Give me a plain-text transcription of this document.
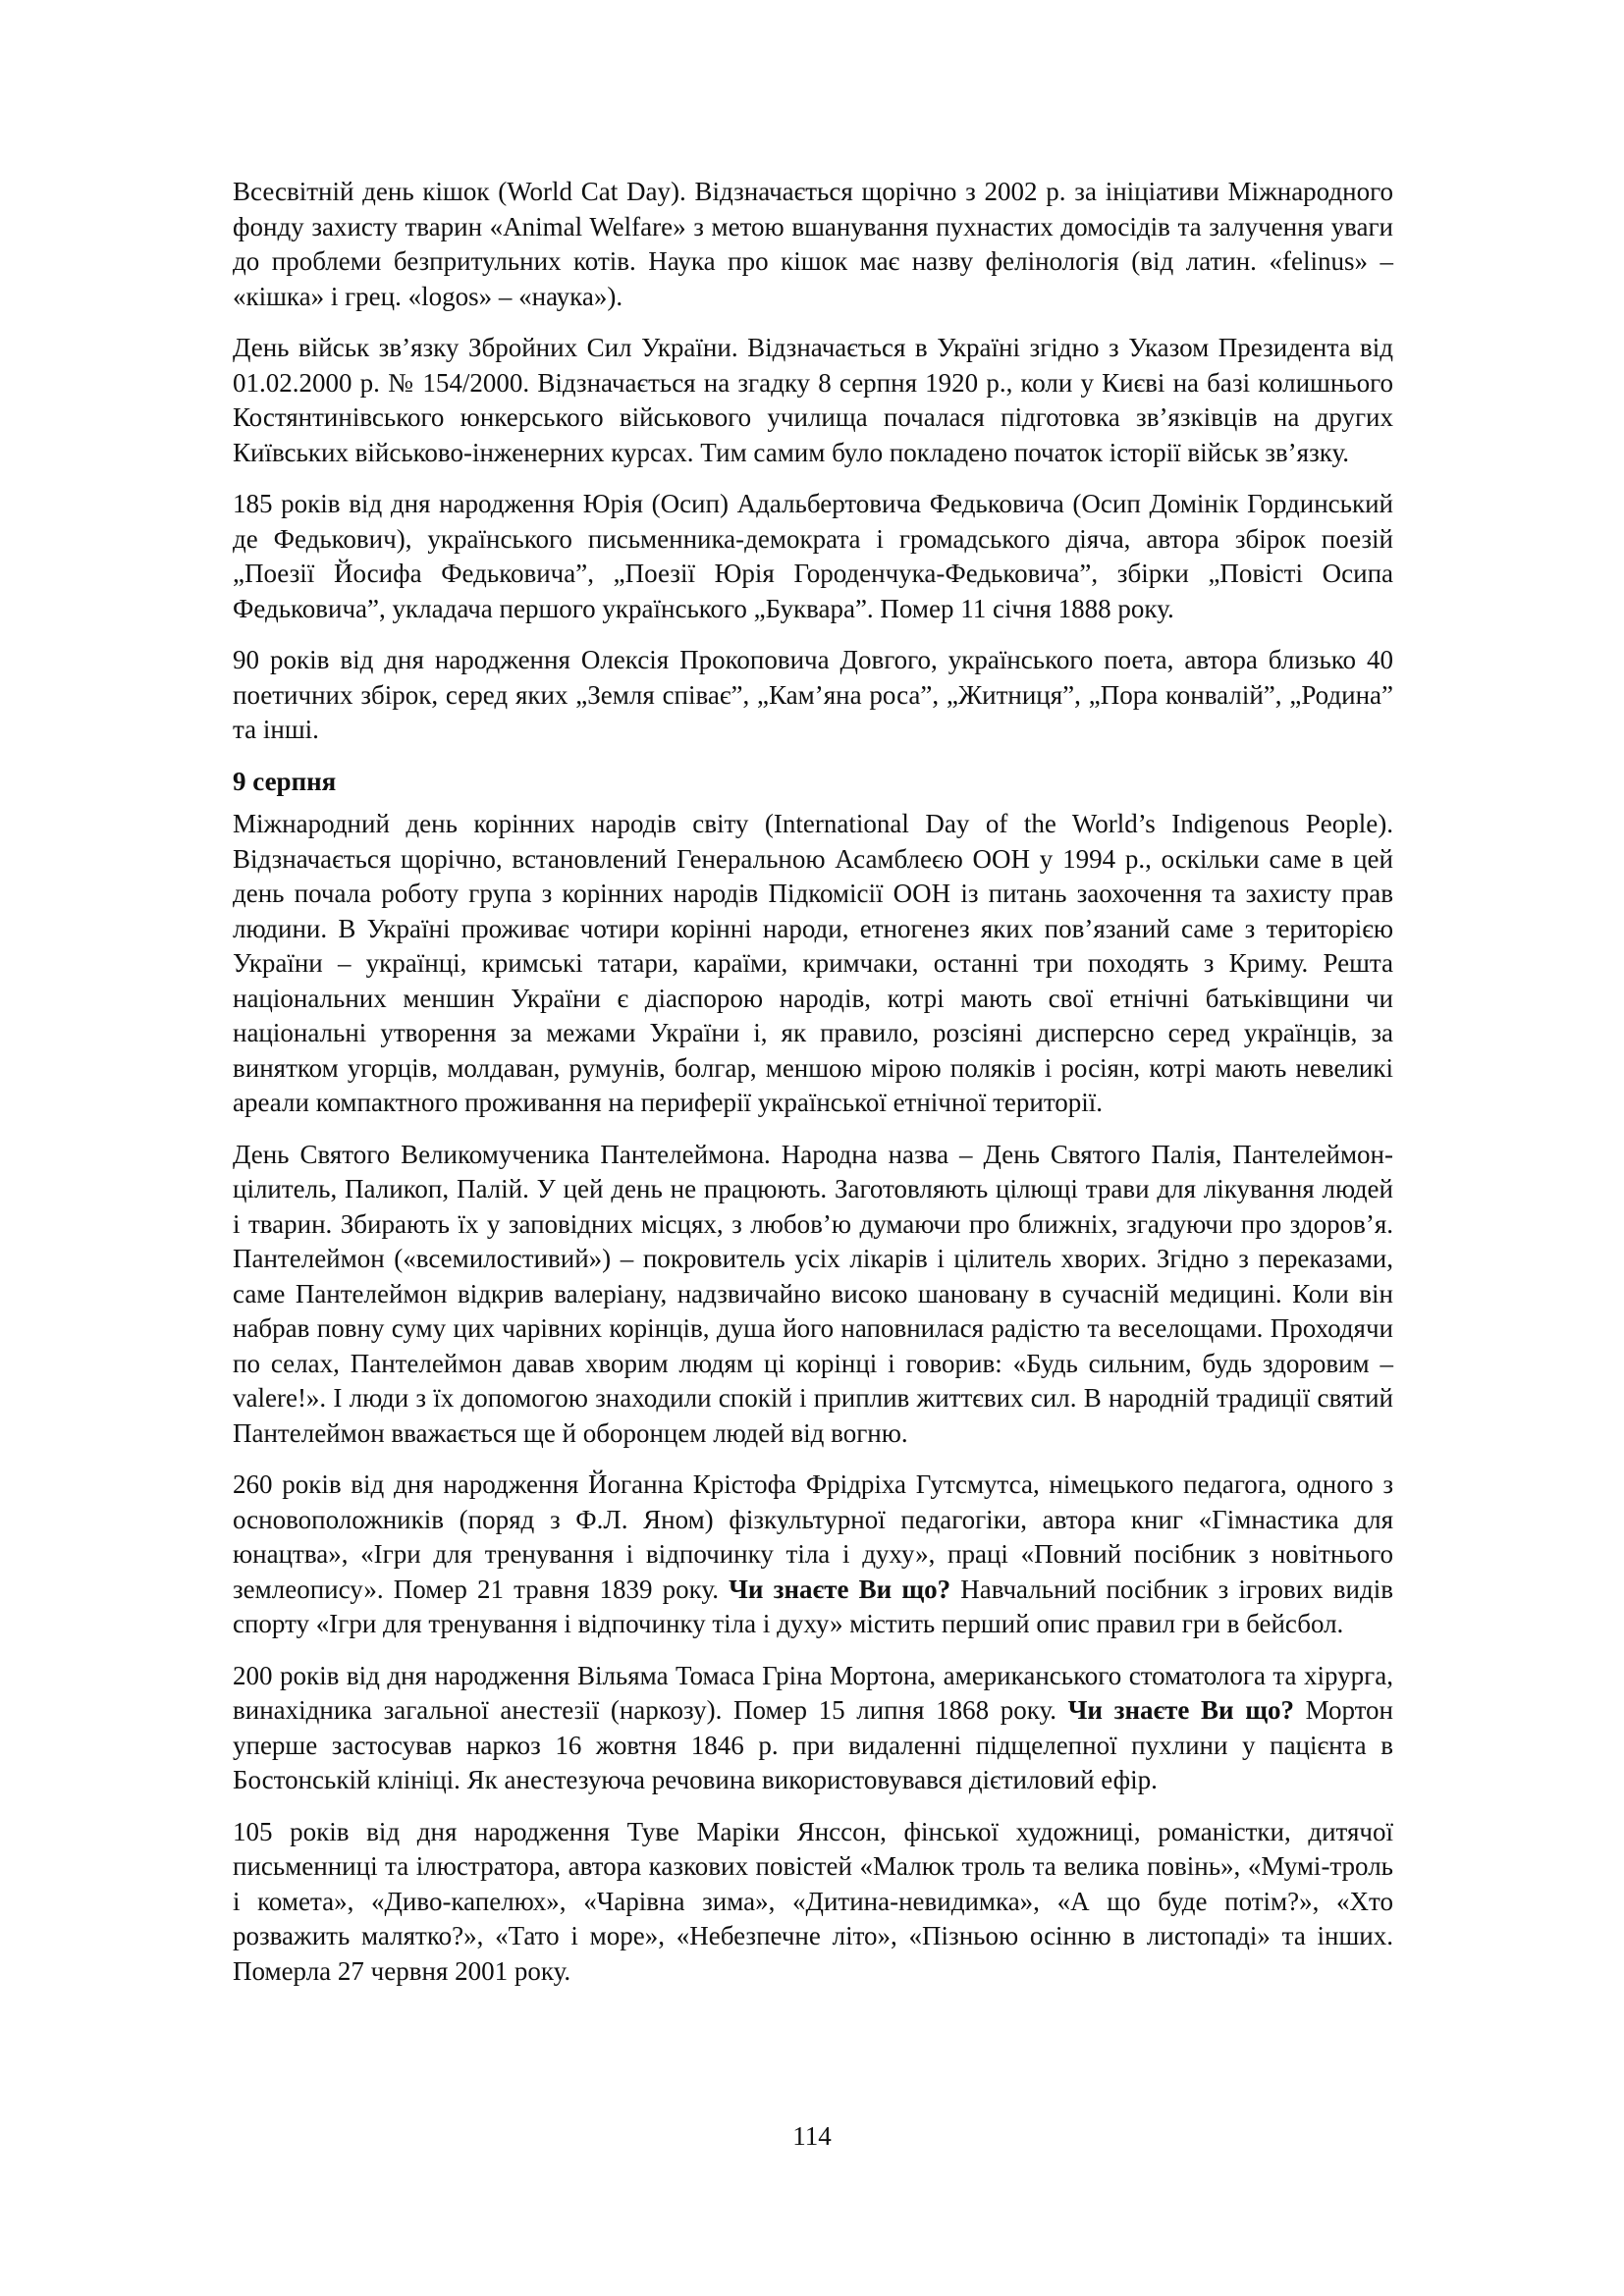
Всесвітній день кішок (World Cat Day). Відзначається щорічно з 2002 р. за ініціативи Міжнародного фонду захисту тварин «Animal Welfare» з метою вшанування пухнастих домосідів та залучення уваги до проблеми безпритульних котів. Наука про кішок має назву фелінологія (від латин. «felinus» – «кішка» і грец. «logos» – «наука»).

День військ зв’язку Збройних Сил України. Відзначається в Україні згідно з Указом Президента від 01.02.2000 р. № 154/2000. Відзначається на згадку 8 серпня 1920 р., коли у Києві на базі колишнього Костянтинівського юнкерського військового училища почалася підготовка зв’язківців на других Київських військово-інженерних курсах. Тим самим було покладено початок історії військ зв’язку.

185 років від дня народження Юрія (Осип) Адальбертовича Федьковича (Осип Домінік Гординський де Федькович), українського письменника-демократа і громадського діяча, автора збірок поезій „Поезії Йосифа Федьковича”, „Поезії Юрія Городенчука-Федьковича”, збірки „Повісті Осипа Федьковича”, укладача першого українського „Буквара”. Помер 11 січня 1888 року.

90 років від дня народження Олексія Прокоповича Довгого, українського поета, автора близько 40 поетичних збірок, серед яких „Земля співає”, „Кам’яна роса”, „Житниця”, „Пора конвалій”, „Родина” та інші.

9 серпня

Міжнародний день корінних народів світу (International Day of the World’s Indigenous People). Відзначається щорічно, встановлений Генеральною Асамблеєю ООН у 1994 р., оскільки саме в цей день почала роботу група з корінних народів Підкомісії ООН із питань заохочення та захисту прав людини. В Україні проживає чотири корінні народи, етногенез яких пов’язаний саме з територією України – українці, кримські татари, караїми, кримчаки, останні три походять з Криму. Решта національних меншин України є діаспорою народів, котрі мають свої етнічні батьківщини чи національні утворення за межами України і, як правило, розсіяні дисперсно серед українців, за винятком угорців, молдаван, румунів, болгар, меншою мірою поляків і росіян, котрі мають невеликі ареали компактного проживання на периферії української етнічної території.

День Святого Великомученика Пантелеймона. Народна назва – День Святого Палія, Пантелеймон-цілитель, Паликоп, Палій. У цей день не працюють. Заготовляють цілющі трави для лікування людей і тварин. Збирають їх у заповідних місцях, з любов’ю думаючи про ближніх, згадуючи про здоров’я. Пантелеймон («всемилостивий») – покровитель усіх лікарів і цілитель хворих. Згідно з переказами, саме Пантелеймон відкрив валеріану, надзвичайно високо шановану в сучасній медицині. Коли він набрав повну суму цих чарівних корінців, душа його наповнилася радістю та веселощами. Проходячи по селах, Пантелеймон давав хворим людям ці корінці і говорив: «Будь сильним, будь здоровим – valere!». І люди з їх допомогою знаходили спокій і приплив життєвих сил. В народній традиції святий Пантелеймон вважається ще й оборонцем людей від вогню.

260 років від дня народження Йоганна Крістофа Фрідріха Гутсмутса, німецького педагога, одного з основоположників (поряд з Ф.Л. Яном) фізкультурної педагогіки, автора книг «Гімнастика для юнацтва», «Ігри для тренування і відпочинку тіла і духу», праці «Повний посібник з новітнього землеопису». Помер 21 травня 1839 року. Чи знаєте Ви що? Навчальний посібник з ігрових видів спорту «Ігри для тренування і відпочинку тіла і духу» містить перший опис правил гри в бейсбол.

200 років від дня народження Вільяма Томаса Гріна Мортона, американського стоматолога та хірурга, винахідника загальної анестезії (наркозу). Помер 15 липня 1868 року. Чи знаєте Ви що? Мортон уперше застосував наркоз 16 жовтня 1846 р. при видаленні підщелепної пухлини у пацієнта в Бостонській клініці. Як анестезуюча речовина використовувався дієтиловий ефір.

105 років від дня народження Туве Маріки Янссон, фінської художниці, романістки, дитячої письменниці та ілюстратора, автора казкових повістей «Малюк троль та велика повінь», «Мумі-троль і комета», «Диво-капелюх», «Чарівна зима», «Дитина-невидимка», «А що буде потім?», «Хто розважить малятко?», «Тато і море», «Небезпечне літо», «Пізньою осінню в листопаді» та інших. Померла 27 червня 2001 року.

114
